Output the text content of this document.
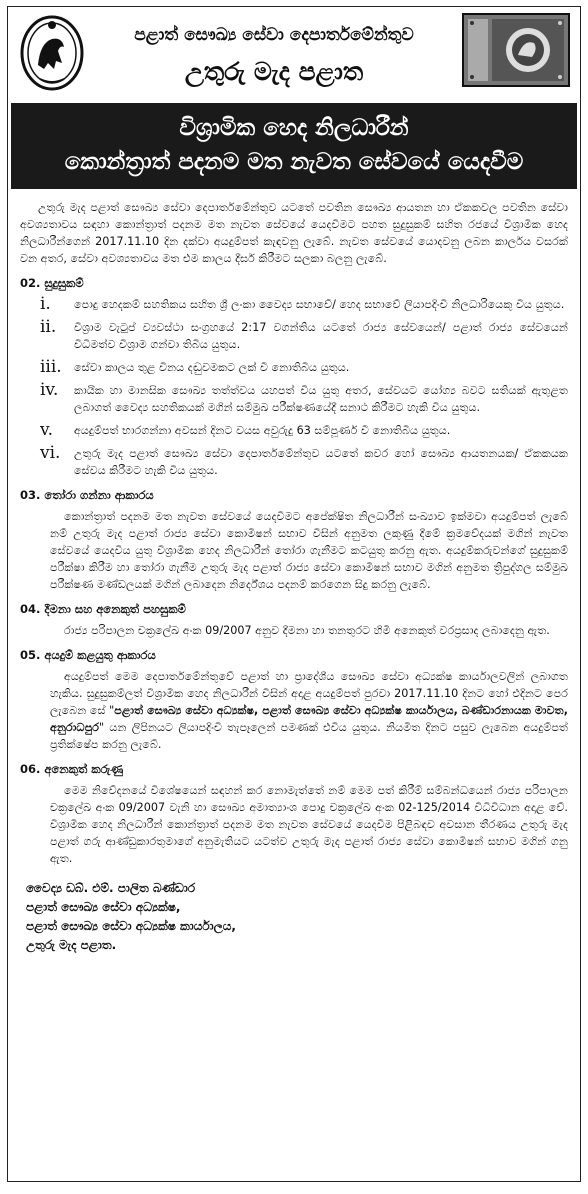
පළාත් සෞඛ්‍ය සේවා දෙපාර්තමේන්තුව
උතුරු මැද පළාත
විශ්‍රාමික හෙද නිලධාරීන්
කොන්ත්‍රාත් පදනම මත නැවත සේවයේ යෙදවීම

උතුරු මැද පළාත් සෞඛ්‍ය සේවා දෙපාර්තමේන්තුව යටතේ පවතින සෞඛ්‍ය ආයතන හා ඒකකවල පවතින සේවා අවශ්‍යතාවය සඳහා කොන්ත්‍රාත් පදනම මත නැවත සේවයේ යෙදවීමට පහත සුදුසුකම් සහිත රජයේ විශ්‍රාමික හෙද නිලධාරීන්ගෙන් 2017.11.10 දින දක්වා අයදුම්පත් කැඳවනු ලැබේ. නැවත සේවයේ යොදවනු ලබන කාර්ලය වසරක් වන අතර, සේවා අවශ්‍යතාවය මත එම කාලය දීර්ඝ කිරීමට සලකා බලනු ලැබේ.

02. සුදුසුකම්
i.	පොදු හෙදකම් සහතිකය සහිත ශ්‍රී ලංකා වෛද්‍ය සභාවේ/ හෙද සභාවේ ලියාපදිංචි නිලධාරියෙකු විය යුතුය.
ii.	විශ්‍රාම වැටුප් ව්‍යවස්ථා සංග්‍රහයේ 2:17 වගන්තිය යටතේ රාජ්‍ය සේවයෙන්/ පළාත් රාජ්‍ය සේවයෙන් විධිමත්ව විශ්‍රාම ගන්වා තිබිය යුතුය.
iii.	සේවා කාලය තුළ විනය දඬුවමකට ලක් වී නොතිබිය යුතුය.
iv.	කායික හා මානසික සෞඛ්‍ය තත්ත්වය යහපත් විය යුතු අතර, සේවයට යෝග්‍ය බවට සතියක් ඇතුළත ලබාගත් වෛද්‍ය සහතිකයක් මගින් සම්මුඛ පරීක්ෂණයේදී සනාථ කිරීමට හැකි විය යුතුය.
v.	අයදුම්පත් භාරගන්නා අවසන් දිනට වයස අවුරුදු 63 සම්පූර්ණ වී නොතිබිය යුතුය.
vi.	උතුරු මැද පළාත් සෞඛ්‍ය සේවා දෙපාර්තමේන්තුව යටතේ කවර හෝ සෞඛ්‍ය ආයතනයක/ ඒකකයක සේවය කිරීමට හැකි විය යුතුය.
03. තෝරා ගන්නා ආකාරය

කොන්ත්‍රාත් පදනම මත නැවත සේවයේ යෙදවීමට අපේක්ෂිත නිලධාරීන් සංඛ්‍යාව ඉක්මවා අයදුම්පත් ලැබේ නම් උතුරු මැද පළාත් රාජ්‍ය සේවා කොමිෂන් සභාව විසින් අනුමත ලකුණු දීමේ ක්‍රමවේදයක් මගින් නැවත සේවයේ යෙදවිය යුතු විශ්‍රාමික හෙද නිලධාරීන් තෝරා ගැනීමට කටයුතු කරනු ඇත. අයදුම්කරුවන්ගේ සුදුසුකම් පරීක්ෂා කිරීම හා තෝරා ගැනීම උතුරු මැද පළාත් රාජ්‍ය සේවා කොමිෂන් සභාව මගින් අනුමත ත්‍රිපුද්ගල සම්මුඛ පරීක්ෂණ මණ්ඩලයක් මගින් ලබාදෙන නිර්දේශය පදනම් කරගෙන සිදු කරනු ලැබේ.

04. දීමනා සහ අනෙකුත් පහසුකම්

රාජ්‍ය පරිපාලන චක්‍රලේඛ අංක 09/2007 අනුව දීමනා හා තනතුරට හිමි අනෙකුත් වරප්‍රසාද ලබාදෙනු ඇත.

05. අයදුම් කළයුතු ආකාරය

අයදුම්පත් මෙම දෙපාර්තමේන්තුවේ පළාත් හා ප්‍රාදේශීය සෞඛ්‍ය සේවා අධ්‍යක්ෂ කාර්යාලවලින් ලබාගත හැකිය. සුදුසුකම්ලත් විශ්‍රාමික හෙද නිලධාරීන් විසින් අදාළ අයදුම්පත් පුරවා 2017.11.10 දිනට හෝ එදිනට පෙර ලැබෙන සේ "පළාත් සෞඛ්‍ය සේවා අධ්‍යක්ෂ, පළාත් සෞඛ්‍ය සේවා අධ්‍යක්ෂ කාර්යාලය, බණ්ඩාරනායක මාවත, අනුරාධපුර" යන ලිපිනයට ලියාපදිංචි තැපෑලෙන් පමණක් එවිය යුතුය. නියමිත දිනට පසුව ලැබෙන අයදුම්පත් ප්‍රතික්ෂේප කරනු ලැබේ.

06. අනෙකුත් කරුණු

මෙම නිවේදනයේ විශේෂයෙන් සඳහන් කර නොමැත්තේ නම් මෙම පත් කිරීම් සම්බන්ධයෙන් රාජ්‍ය පරිපාලන චක්‍රලේඛ අංක 09/2007 වැනි හා සෞඛ්‍ය අමාත්‍යාංශ පොදු චක්‍රලේඛ අංක 02-125/2014 විධිවිධාන අදාළ වේ. විශ්‍රාමික හෙද නිලධාරීන් කොන්ත්‍රාත් පදනම මත නැවත සේවයේ යෙදවීම පිළිබඳව අවසාන තීරණය උතුරු මැද පළාත් ගරු ආණ්ඩුකාරතුමාගේ අනුමැතියට යටත්ව උතුරු මැද පළාත් රාජ්‍ය සේවා කොමිෂන් සභාව මගින් ගනු ඇත.

වෛද්‍ය ඩබ්. එම්. පාලිත බණ්ඩාර
පළාත් සෞඛ්‍ය සේවා අධ්‍යක්ෂ,
පළාත් සෞඛ්‍ය සේවා අධ්‍යක්ෂ කාර්යාලය,
උතුරු මැද පළාත.
